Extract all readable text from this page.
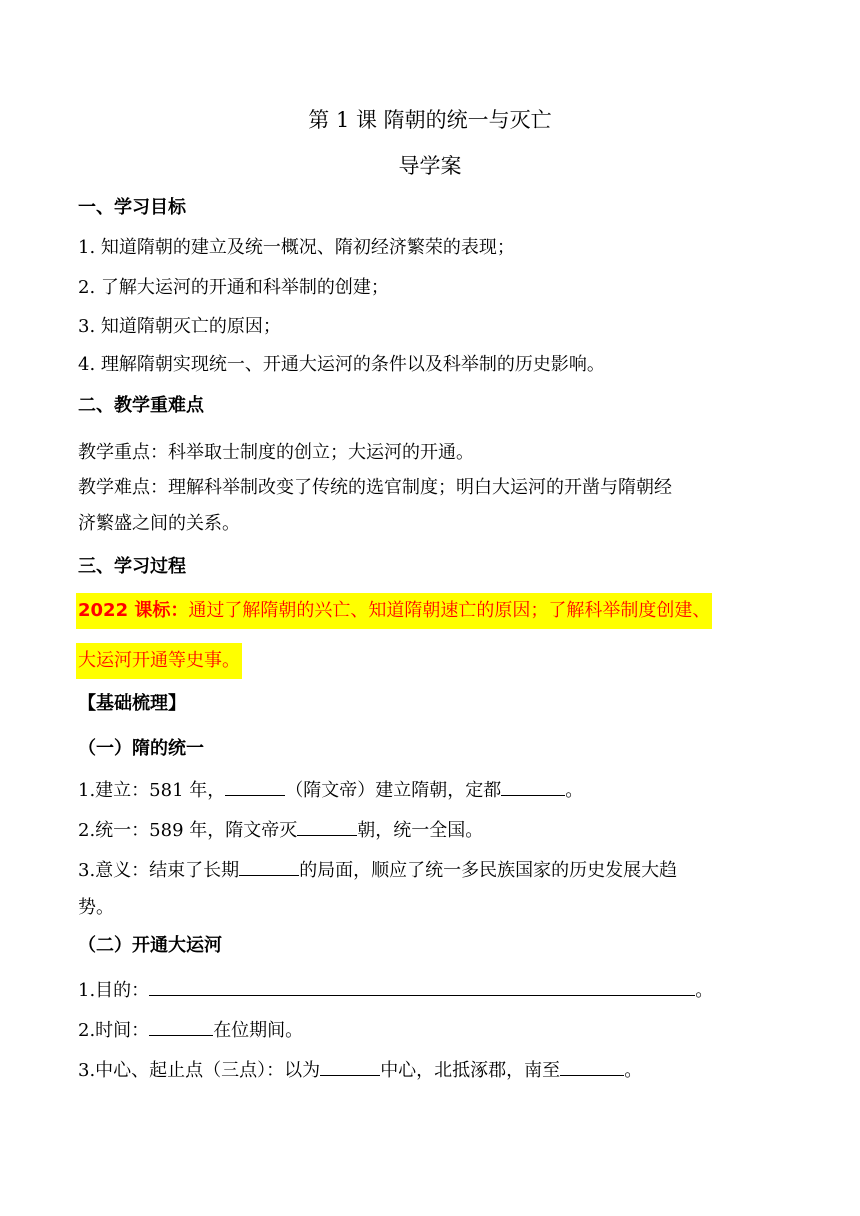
第 1 课 隋朝的统一与灭亡
导学案
一、学习目标
1. 知道隋朝的建立及统一概况、隋初经济繁荣的表现；
2. 了解大运河的开通和科举制的创建；
3. 知道隋朝灭亡的原因；
4. 理解隋朝实现统一、开通大运河的条件以及科举制的历史影响。
二、教学重难点
教学重点：科举取士制度的创立；大运河的开通。
教学难点：理解科举制改变了传统的选官制度；明白大运河的开凿与隋朝经
济繁盛之间的关系。
三、学习过程
2022 课标：通过了解隋朝的兴亡、知道隋朝速亡的原因；了解科举制度创建、
大运河开通等史事。
【基础梳理】
（一）隋的统一
1.建立：581 年，	（隋文帝）建立隋朝，定都	。
2.统一：589 年，隋文帝灭	朝，统一全国。
3.意义：结束了长期	的局面，顺应了统一多民族国家的历史发展大趋
势。
（二）开通大运河
1.目的：	。
2.时间：	在位期间。
3.中心、起止点（三点）：以为	中心，北抵涿郡，南至	。
